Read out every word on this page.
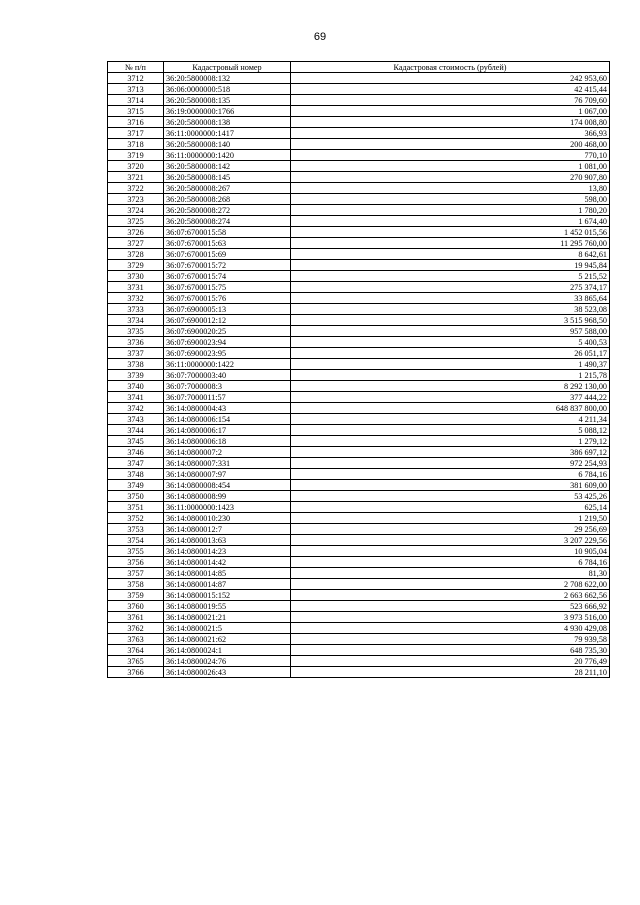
69
№ п/п	Кадастровый номер	Кадастровая стоимость (рублей)
3712	36:20:5800008:132	242 953,60
3713	36:06:0000000:518	42 415,44
3714	36:20:5800008:135	76 709,60
3715	36:19:0000000:1766	1 067,00
3716	36:20:5800008:138	174 008,80
3717	36:11:0000000:1417	366,93
3718	36:20:5800008:140	200 468,00
3719	36:11:0000000:1420	770,10
3720	36:20:5800008:142	1 081,00
3721	36:20:5800008:145	270 907,80
3722	36:20:5800008:267	13,80
3723	36:20:5800008:268	598,00
3724	36:20:5800008:272	1 780,20
3725	36:20:5800008:274	1 674,40
3726	36:07:6700015:58	1 452 015,56
3727	36:07:6700015:63	11 295 760,00
3728	36:07:6700015:69	8 642,61
3729	36:07:6700015:72	19 945,84
3730	36:07:6700015:74	5 215,52
3731	36:07:6700015:75	275 374,17
3732	36:07:6700015:76	33 865,64
3733	36:07:6900005:13	38 523,08
3734	36:07:6900012:12	3 515 968,50
3735	36:07:6900020:25	957 588,00
3736	36:07:6900023:94	5 400,53
3737	36:07:6900023:95	26 051,17
3738	36:11:0000000:1422	1 490,37
3739	36:07:7000003:40	1 215,78
3740	36:07:7000008:3	8 292 130,00
3741	36:07:7000011:57	377 444,22
3742	36:14:0800004:43	648 837 800,00
3743	36:14:0800006:154	4 211,34
3744	36:14:0800006:17	5 088,12
3745	36:14:0800006:18	1 279,12
3746	36:14:0800007:2	386 697,12
3747	36:14:0800007:331	972 254,93
3748	36:14:0800007:97	6 784,16
3749	36:14:0800008:454	381 609,00
3750	36:14:0800008:99	53 425,26
3751	36:11:0000000:1423	625,14
3752	36:14:0800010:230	1 219,50
3753	36:14:0800012:7	29 256,69
3754	36:14:0800013:63	3 207 229,56
3755	36:14:0800014:23	10 905,04
3756	36:14:0800014:42	6 784,16
3757	36:14:0800014:85	81,30
3758	36:14:0800014:87	2 708 622,00
3759	36:14:0800015:152	2 663 662,56
3760	36:14:0800019:55	523 666,92
3761	36:14:0800021:21	3 973 516,00
3762	36:14:0800021:5	4 930 429,08
3763	36:14:0800021:62	79 939,58
3764	36:14:0800024:1	648 735,30
3765	36:14:0800024:76	20 776,49
3766	36:14:0800026:43	28 211,10
